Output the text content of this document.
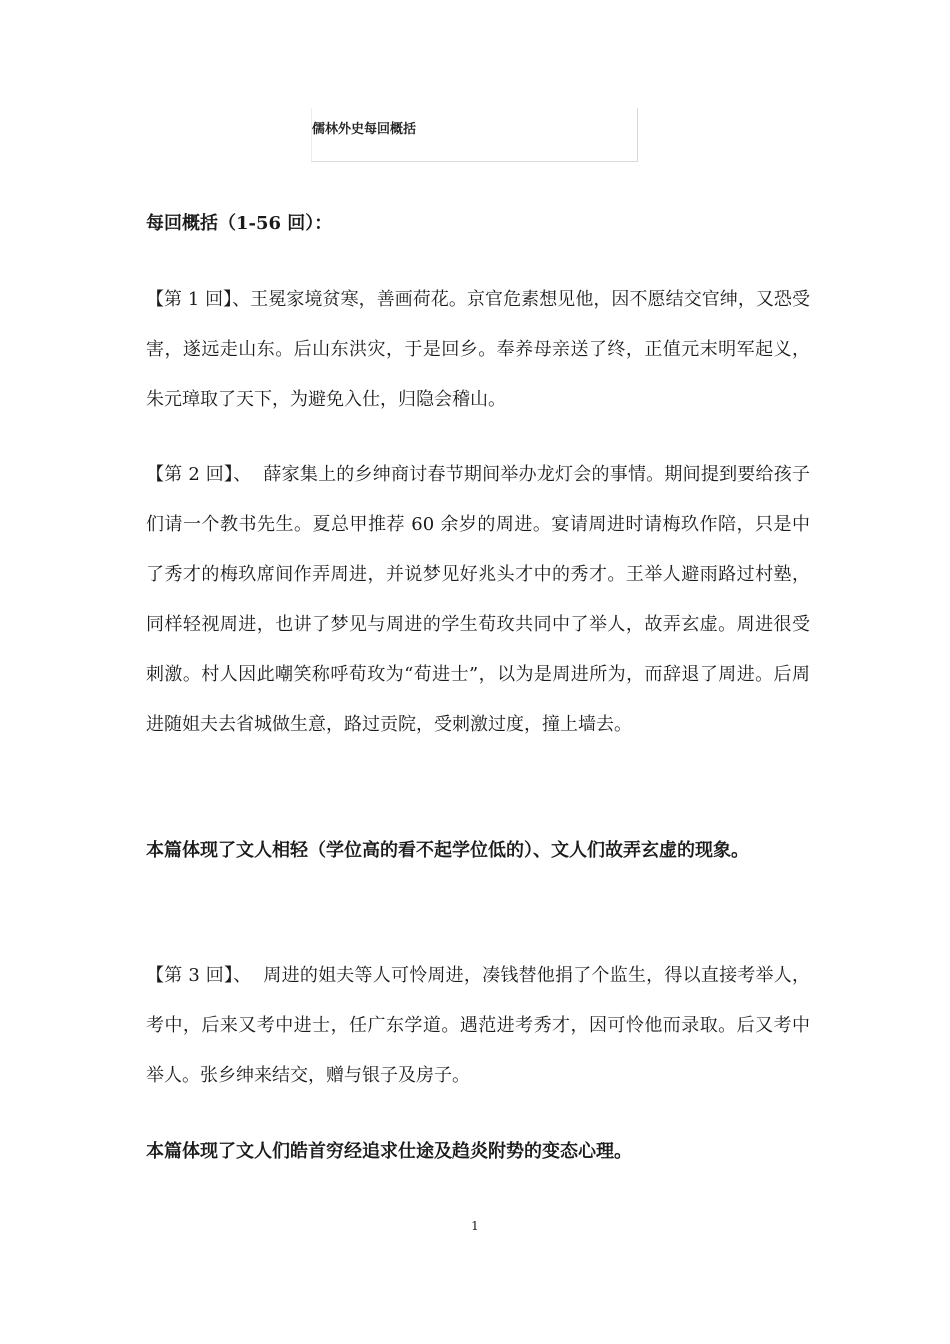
儒林外史每回概括
每回概括（1-56 回）：
【第 1 回】、王冕家境贫寒，善画荷花。京官危素想见他，因不愿结交官绅，又恐受害，遂远走山东。后山东洪灾，于是回乡。奉养母亲送了终，正值元末明军起义，朱元璋取了天下，为避免入仕，归隐会稽山。
【第 2 回】、  薛家集上的乡绅商讨春节期间举办龙灯会的事情。期间提到要给孩子们请一个教书先生。夏总甲推荐 60 余岁的周进。宴请周进时请梅玖作陪，只是中了秀才的梅玖席间作弄周进，并说梦见好兆头才中的秀才。王举人避雨路过村塾，同样轻视周进，也讲了梦见与周进的学生荀玫共同中了举人，故弄玄虚。周进很受刺激。村人因此嘲笑称呼荀玫为“荀进士”，以为是周进所为，而辞退了周进。后周进随姐夫去省城做生意，路过贡院，受刺激过度，撞上墙去。
本篇体现了文人相轻（学位高的看不起学位低的）、文人们故弄玄虚的现象。
【第 3 回】、  周进的姐夫等人可怜周进，凑钱替他捐了个监生，得以直接考举人，考中，后来又考中进士，任广东学道。遇范进考秀才，因可怜他而录取。后又考中举人。张乡绅来结交，赠与银子及房子。
本篇体现了文人们皓首穷经追求仕途及趋炎附势的变态心理。
1
